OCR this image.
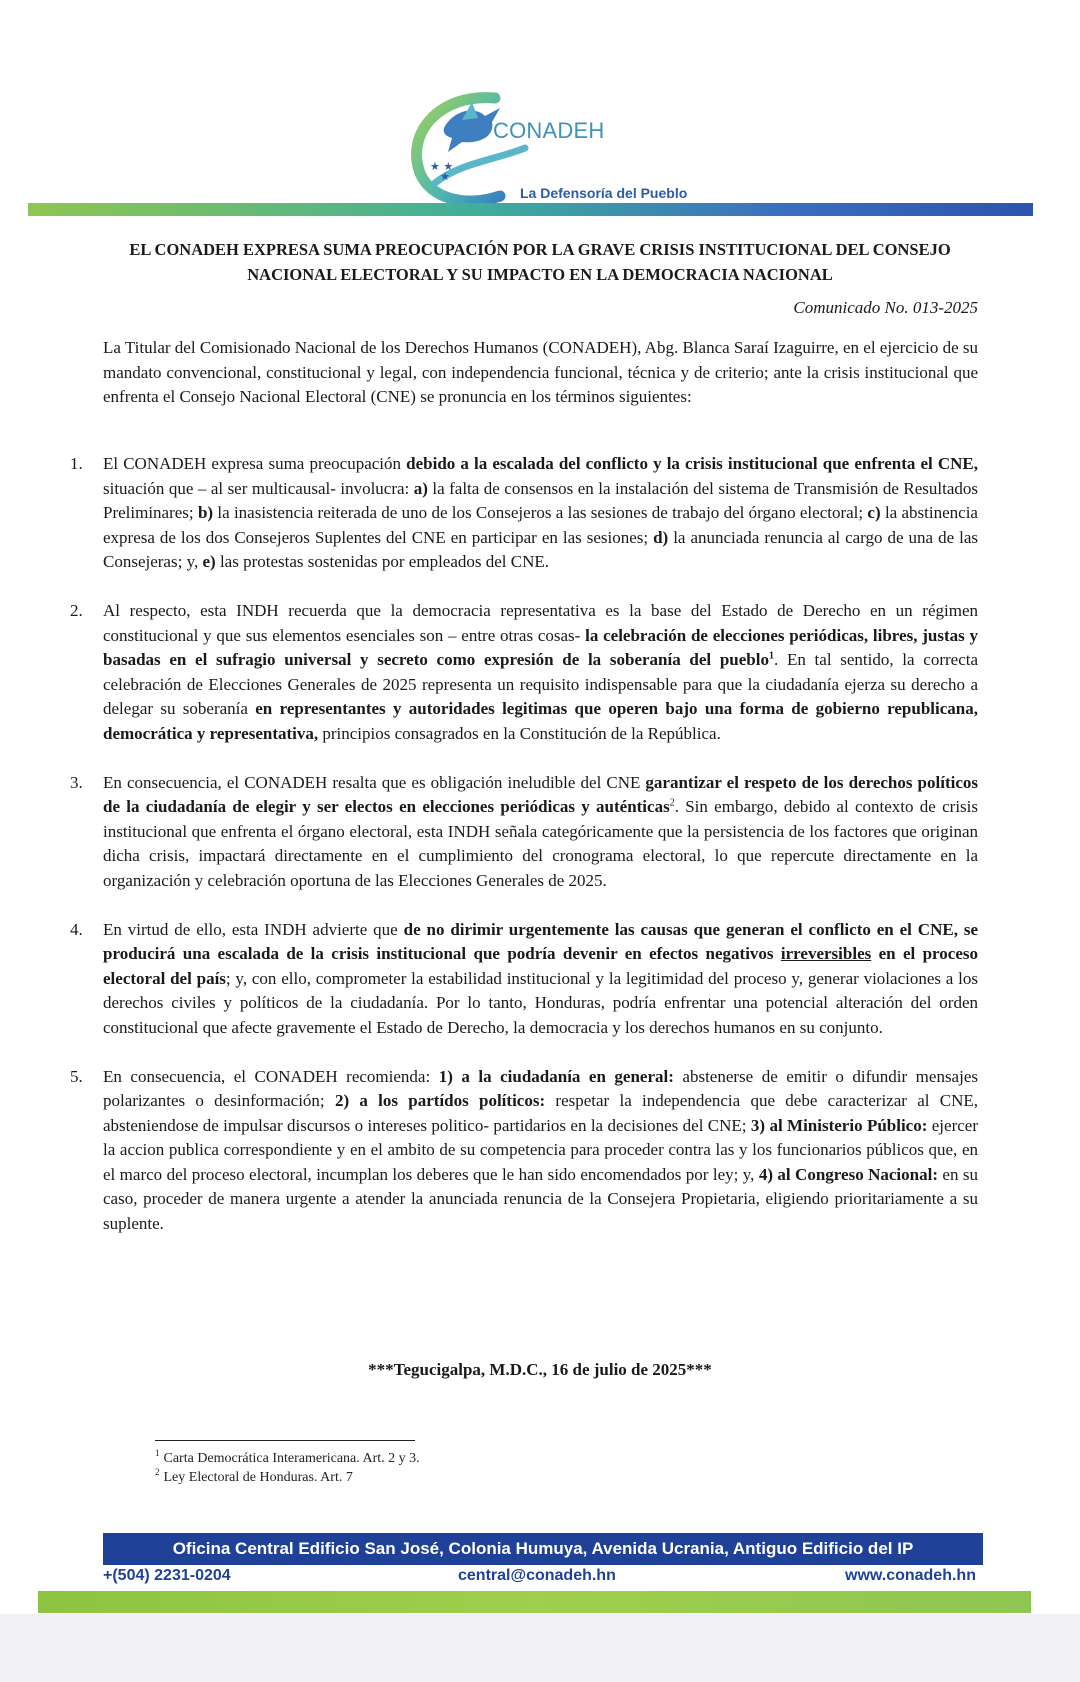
★ ★
★
CONADEH
La Defensoría del Pueblo
EL CONADEH EXPRESA SUMA PREOCUPACIÓN POR LA GRAVE CRISIS INSTITUCIONAL DEL CONSEJO NACIONAL ELECTORAL Y SU IMPACTO EN LA DEMOCRACIA NACIONAL
Comunicado No. 013-2025
La Titular del Comisionado Nacional de los Derechos Humanos (CONADEH), Abg. Blanca Saraí Izaguirre, en el ejercicio de su mandato convencional, constitucional y legal, con independencia funcional, técnica y de criterio; ante la crisis institucional que enfrenta el Consejo Nacional Electoral (CNE) se pronuncia en los términos siguientes:
1. El CONADEH expresa suma preocupación debido a la escalada del conflicto y la crisis institucional que enfrenta el CNE, situación que – al ser multicausal- involucra: a) la falta de consensos en la instalación del sistema de Transmisión de Resultados Preliminares; b) la inasistencia reiterada de uno de los Consejeros a las sesiones de trabajo del órgano electoral; c) la abstinencia expresa de los dos Consejeros Suplentes del CNE en participar en las sesiones; d) la anunciada renuncia al cargo de una de las Consejeras; y, e) las protestas sostenidas por empleados del CNE.
2. Al respecto, esta INDH recuerda que la democracia representativa es la base del Estado de Derecho en un régimen constitucional y que sus elementos esenciales son – entre otras cosas- la celebración de elecciones periódicas, libres, justas y basadas en el sufragio universal y secreto como expresión de la soberanía del pueblo$^1$. En tal sentido, la correcta celebración de Elecciones Generales de 2025 representa un requisito indispensable para que la ciudadanía ejerza su derecho a delegar su soberanía en representantes y autoridades legitimas que operen bajo una forma de gobierno republicana, democrática y representativa, principios consagrados en la Constitución de la República.
3. En consecuencia, el CONADEH resalta que es obligación ineludible del CNE garantizar el respeto de los derechos políticos de la ciudadanía de elegir y ser electos en elecciones periódicas y auténticas$^2$. Sin embargo, debido al contexto de crisis institucional que enfrenta el órgano electoral, esta INDH señala categóricamente que la persistencia de los factores que originan dicha crisis, impactará directamente en el cumplimiento del cronograma electoral, lo que repercute directamente en la organización y celebración oportuna de las Elecciones Generales de 2025.
4. En virtud de ello, esta INDH advierte que de no dirimir urgentemente las causas que generan el conflicto en el CNE, se producirá una escalada de la crisis institucional que podría devenir en efectos negativos irreversibles en el proceso electoral del país; y, con ello, comprometer la estabilidad institucional y la legitimidad del proceso y, generar violaciones a los derechos civiles y políticos de la ciudadanía. Por lo tanto, Honduras, podría enfrentar una potencial alteración del orden constitucional que afecte gravemente el Estado de Derecho, la democracia y los derechos humanos en su conjunto.
5. En consecuencia, el CONADEH recomienda: 1) a la ciudadanía en general: abstenerse de emitir o difundir mensajes polarizantes o desinformación; 2) a los partídos políticos: respetar la independencia que debe caracterizar al CNE, absteniendose de impulsar discursos o intereses politico- partidarios en la decisiones del CNE; 3) al Ministerio Público: ejercer la accion publica correspondiente y en el ambito de su competencia para proceder contra las y los funcionarios públicos que, en el marco del proceso electoral, incumplan los deberes que le han sido encomendados por ley; y, 4) al Congreso Nacional: en su caso, proceder de manera urgente a atender la anunciada renuncia de la Consejera Propietaria, eligiendo prioritariamente a su suplente.
***Tegucigalpa, M.D.C., 16 de julio de 2025***
$^1$ Carta Democrática Interamericana. Art. 2 y 3.
$^2$ Ley Electoral de Honduras. Art. 7
Oficina Central Edificio San José, Colonia Humuya, Avenida Ucrania, Antiguo Edificio del IP
+(504) 2231-0204	central@conadeh.hn	www.conadeh.hn
